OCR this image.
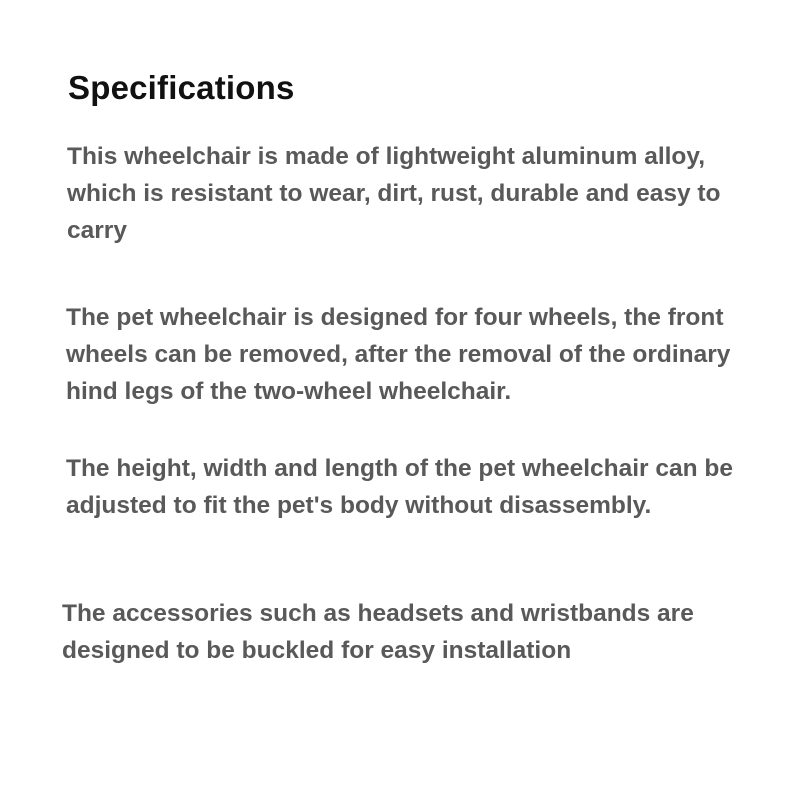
Specifications

This wheelchair is made of lightweight aluminum alloy, which is resistant to wear, dirt, rust, durable and easy to carry

The pet wheelchair is designed for four wheels, the front wheels can be removed, after the removal of the ordinary hind legs of the two-wheel wheelchair.

The height, width and length of the pet wheelchair can be adjusted to fit the pet's body without disassembly.

The accessories such as headsets and wristbands are designed to be buckled for easy installation
